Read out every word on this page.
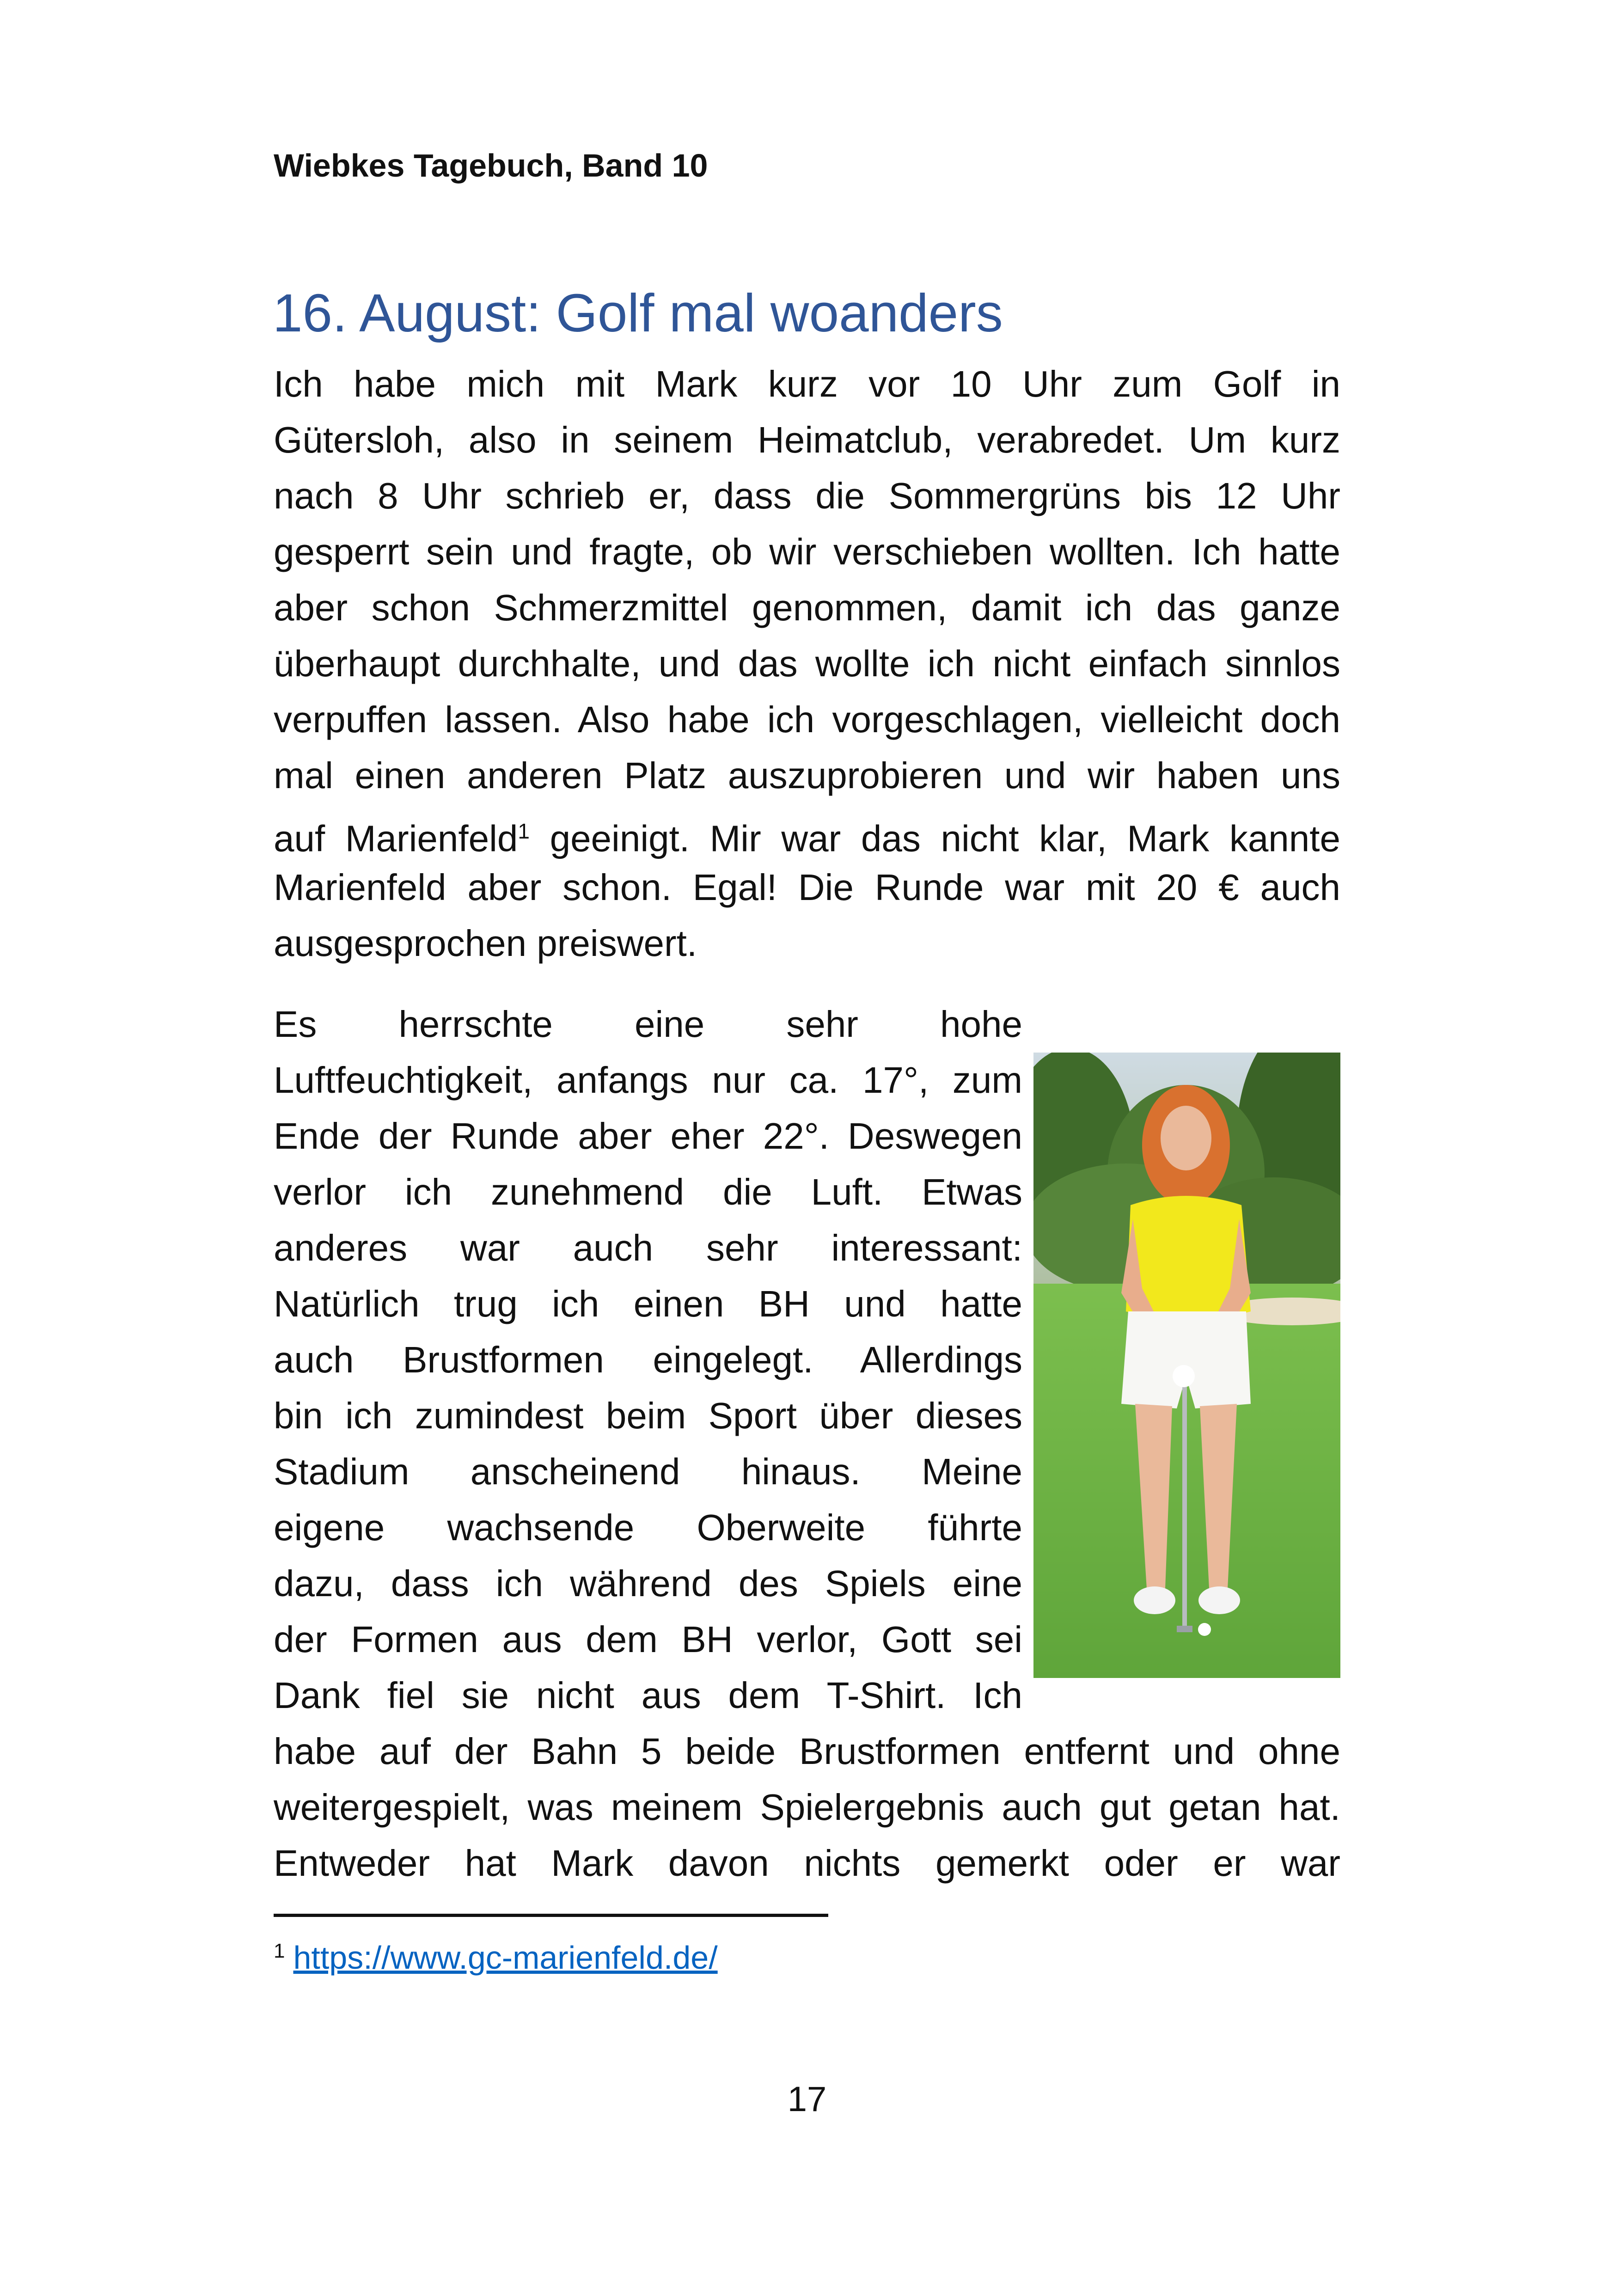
Wiebkes Tagebuch, Band 10
16. August: Golf mal woanders
Ich habe mich mit Mark kurz vor 10 Uhr zum Golf in
Gütersloh, also in seinem Heimatclub, verabredet. Um kurz
nach 8 Uhr schrieb er, dass die Sommergrüns bis 12 Uhr
gesperrt sein und fragte, ob wir verschieben wollten. Ich hatte
aber schon Schmerzmittel genommen, damit ich das ganze
überhaupt durchhalte, und das wollte ich nicht einfach sinnlos
verpuffen lassen. Also habe ich vorgeschlagen, vielleicht doch
mal einen anderen Platz auszuprobieren und wir haben uns
auf Marienfeld$^1$ geeinigt. Mir war das nicht klar, Mark kannte
Marienfeld aber schon. Egal! Die Runde war mit 20 € auch
ausgesprochen preiswert.
Es herrschte eine sehr hohe
Luftfeuchtigkeit, anfangs nur ca. 17°, zum
Ende der Runde aber eher 22°. Deswegen
verlor ich zunehmend die Luft. Etwas
anderes war auch sehr interessant:
Natürlich trug ich einen BH und hatte
auch Brustformen eingelegt. Allerdings
bin ich zumindest beim Sport über dieses
Stadium anscheinend hinaus. Meine
eigene wachsende Oberweite führte
dazu, dass ich während des Spiels eine
der Formen aus dem BH verlor, Gott sei
Dank fiel sie nicht aus dem T-Shirt. Ich
habe auf der Bahn 5 beide Brustformen entfernt und ohne
weitergespielt, was meinem Spielergebnis auch gut getan hat.
Entweder hat Mark davon nichts gemerkt oder er war
$^1$ https://www.gc-marienfeld.de/
17
